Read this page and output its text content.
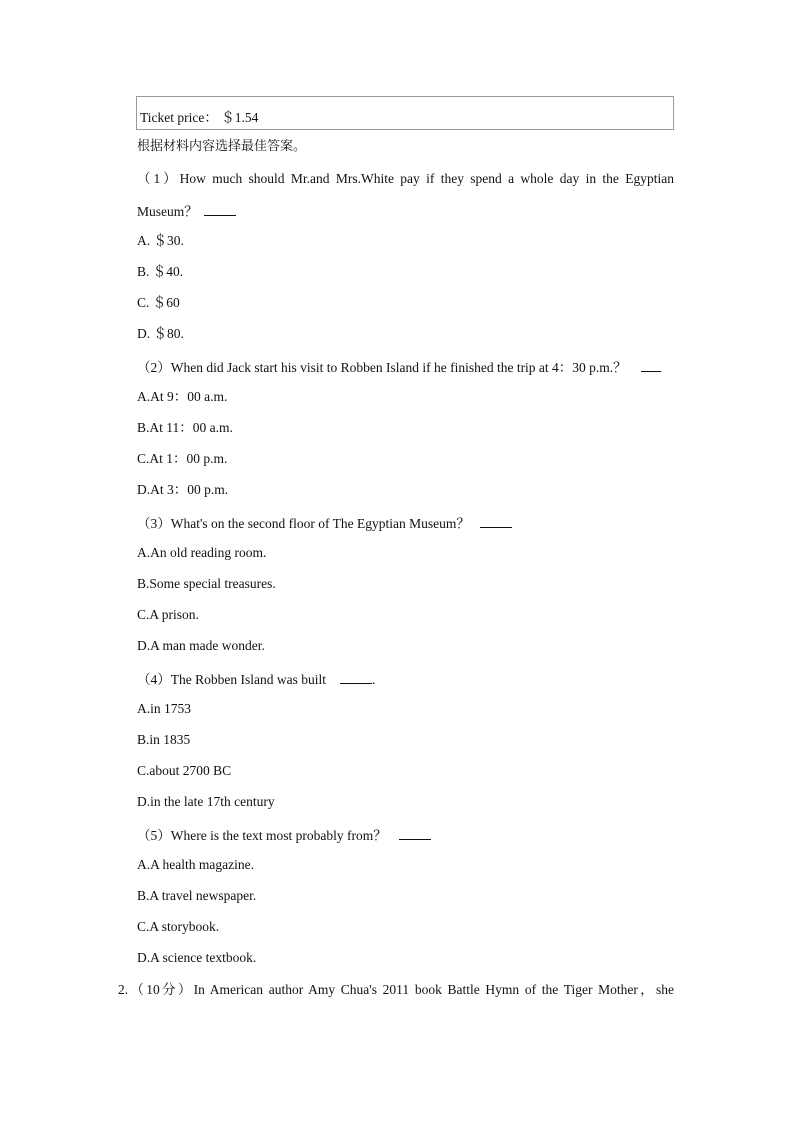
Ticket price： ＄1.54
根据材料内容选择最佳答案。
（1）How much should Mr.and Mrs.White pay if they spend a whole day in the Egyptian
Museum？
A. ＄30.
B. ＄40.
C. ＄60
D. ＄80.
（2）When did Jack start his visit to Robben Island if he finished the trip at 4：30 p.m.？
A.At 9：00 a.m.
B.At 11：00 a.m.
C.At 1：00 p.m.
D.At 3：00 p.m.
（3）What's on the second floor of The Egyptian Museum？
A.An old reading room.
B.Some special treasures.
C.A prison.
D.A man made wonder.
（4）The Robben Island was built	.
A.in 1753
B.in 1835
C.about 2700 BC
D.in the late 17th century
（5）Where is the text most probably from？
A.A health magazine.
B.A travel newspaper.
C.A storybook.
D.A science textbook.
2.（10分）In American author Amy Chua's 2011 book Battle Hymn of the Tiger Mother，she
